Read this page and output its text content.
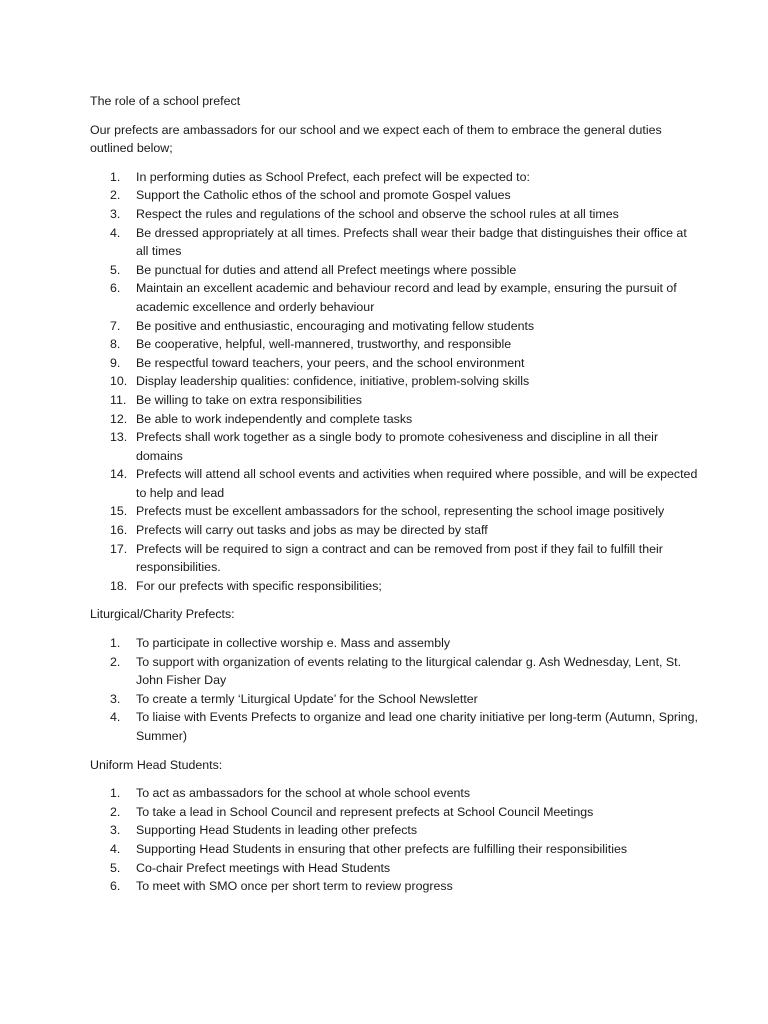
The role of a school prefect

Our prefects are ambassadors for our school and we expect each of them to embrace the general duties outlined below;

1.	In performing duties as School Prefect, each prefect will be expected to:
2.	Support the Catholic ethos of the school and promote Gospel values
3.	Respect the rules and regulations of the school and observe the school rules at all times
4.	Be dressed appropriately at all times. Prefects shall wear their badge that distinguishes their office at all times
5.	Be punctual for duties and attend all Prefect meetings where possible
6.	Maintain an excellent academic and behaviour record and lead by example, ensuring the pursuit of academic excellence and orderly behaviour
7.	Be positive and enthusiastic, encouraging and motivating fellow students
8.	Be cooperative, helpful, well-mannered, trustworthy, and responsible
9.	Be respectful toward teachers, your peers, and the school environment
10. Display leadership qualities: confidence, initiative, problem-solving skills
11. Be willing to take on extra responsibilities
12. Be able to work independently and complete tasks
13. Prefects shall work together as a single body to promote cohesiveness and discipline in all their domains
14. Prefects will attend all school events and activities when required where possible, and will be expected to help and lead
15. Prefects must be excellent ambassadors for the school, representing the school image positively
16. Prefects will carry out tasks and jobs as may be directed by staff
17. Prefects will be required to sign a contract and can be removed from post if they fail to fulfill their responsibilities.
18. For our prefects with specific responsibilities;

Liturgical/Charity Prefects:

1.	To participate in collective worship e. Mass and assembly
2.	To support with organization of events relating to the liturgical calendar g. Ash Wednesday, Lent, St. John Fisher Day
3.	To create a termly ‘Liturgical Update’ for the School Newsletter
4.	To liaise with Events Prefects to organize and lead one charity initiative per long-term (Autumn, Spring, Summer)

Uniform Head Students:

1.	To act as ambassadors for the school at whole school events
2.	To take a lead in School Council and represent prefects at School Council Meetings
3.	Supporting Head Students in leading other prefects
4.	Supporting Head Students in ensuring that other prefects are fulfilling their responsibilities
5.	Co-chair Prefect meetings with Head Students
6.	To meet with SMO once per short term to review progress
